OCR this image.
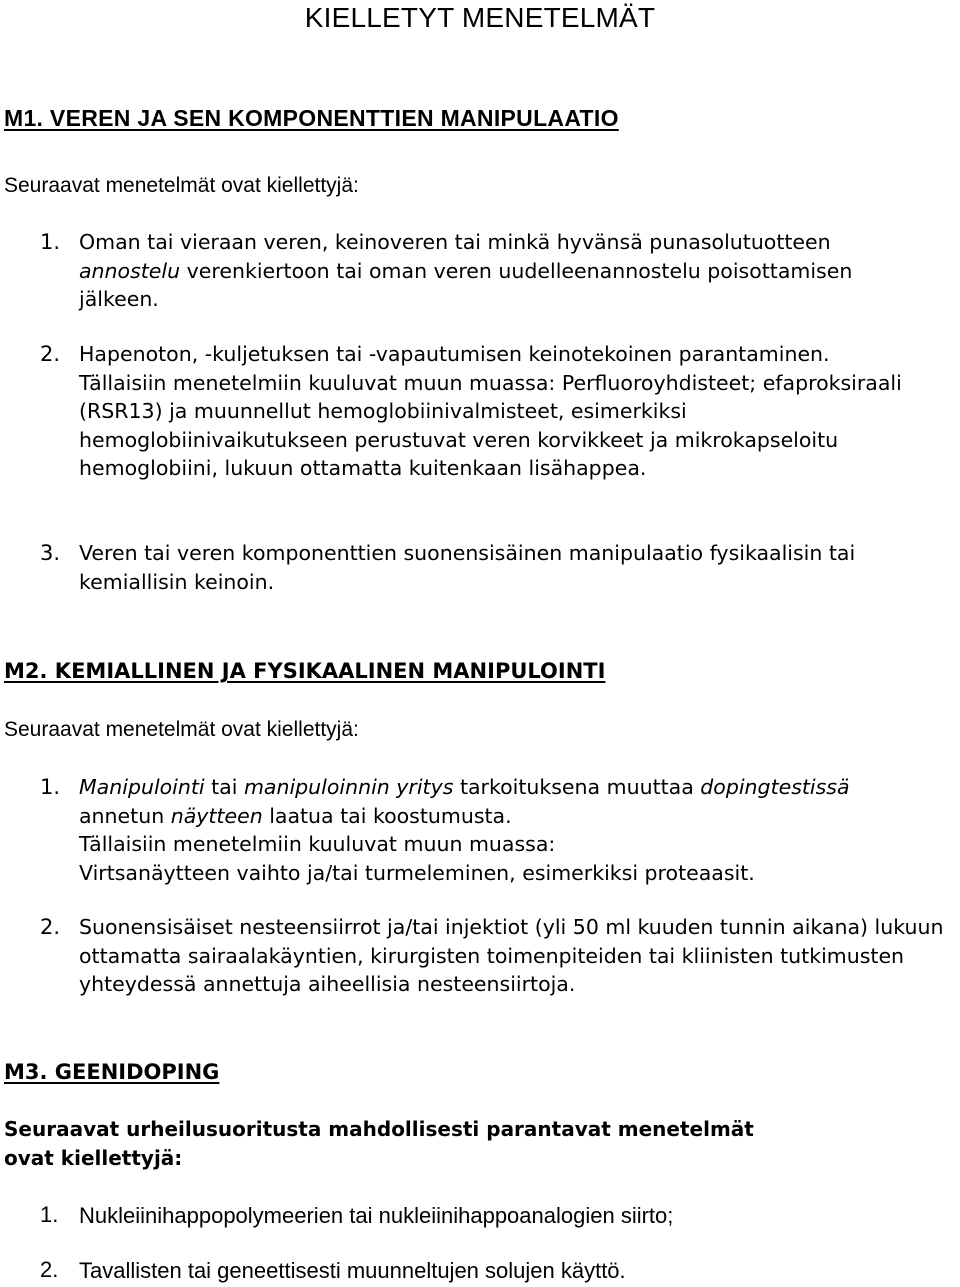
KIELLETYT MENETELMÄT
M1. VEREN JA SEN KOMPONENTTIEN MANIPULAATIO

Seuraavat menetelmät ovat kiellettyjä:

1. Oman tai vieraan veren, keinoveren tai minkä hyvänsä punasolutuotteen

annostelu verenkiertoon tai oman veren uudelleenannostelu poisottamisen

jälkeen.

2. Hapenoton, -kuljetuksen tai -vapautumisen keinotekoinen parantaminen.

Tällaisiin menetelmiin kuuluvat muun muassa: Perfluoroyhdisteet; efaproksiraali (RSR13) ja muunnellut hemoglobiinivalmisteet, esimerkiksi hemoglobiinivaikutukseen perustuvat veren korvikkeet ja mikrokapseloitu hemoglobiini, lukuun ottamatta kuitenkaan lisähappea.

3. Veren tai veren komponenttien suonensisäinen manipulaatio fysikaalisin tai kemiallisin keinoin.

M2. KEMIALLINEN JA FYSIKAALINEN MANIPULOINTI

Seuraavat menetelmät ovat kiellettyjä:

1. Manipulointi tai manipuloinnin yritys tarkoituksena muuttaa dopingtestissä

annetun näytteen laatua tai koostumusta.

Tällaisiin menetelmiin kuuluvat muun muassa:

Virtsanäytteen vaihto ja/tai turmeleminen, esimerkiksi proteaasit.

2. Suonensisäiset nesteensiirrot ja/tai injektiot (yli 50 ml kuuden tunnin aikana) lukuun ottamatta sairaalakäyntien, kirurgisten toimenpiteiden tai kliinisten tutkimusten yhteydessä annettuja aiheellisia nesteensiirtoja.

M3. GEENIDOPING

Seuraavat urheilusuoritusta mahdollisesti parantavat menetelmät ovat kiellettyjä:

1. Nukleiinihappopolymeerien tai nukleiinihappoanalogien siirto;

2. Tavallisten tai geneettisesti muunneltujen solujen käyttö.
